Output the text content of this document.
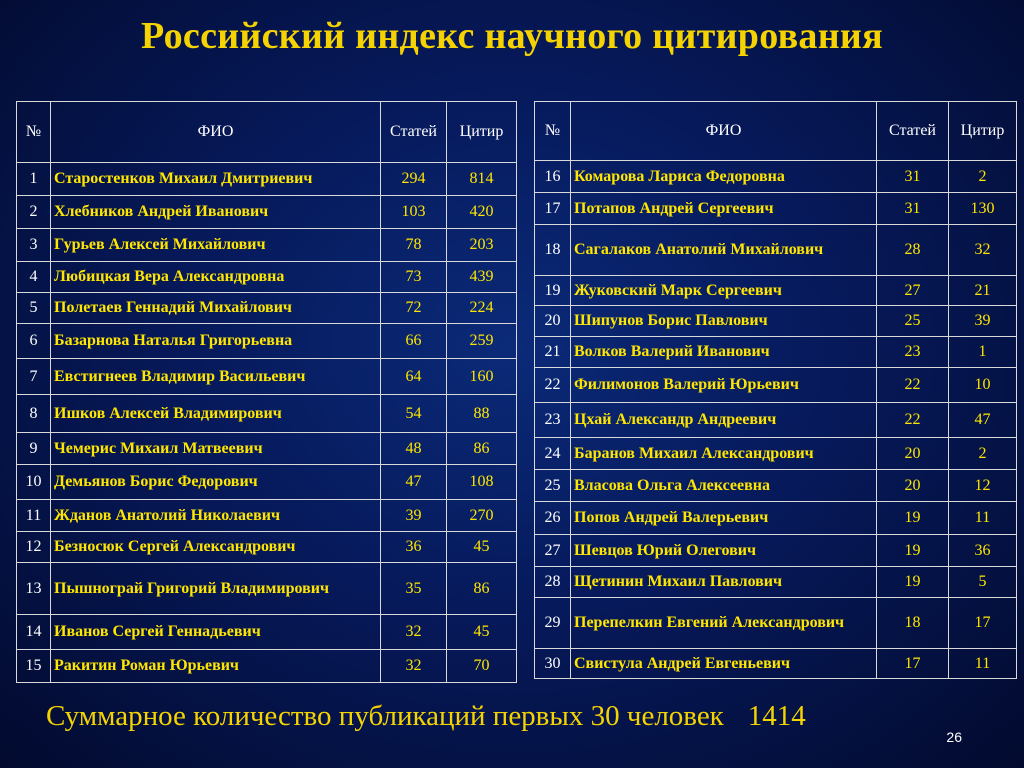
Российский индекс научного цитирования
№	ФИО	Статей	Цитир
1	Старостенков Михаил Дмитриевич	294	814
2	Хлебников Андрей Иванович	103	420
3	Гурьев Алексей Михайлович	78	203
4	Любицкая Вера Александровна	73	439
5	Полетаев Геннадий Михайлович	72	224
6	Базарнова Наталья Григорьевна	66	259
7	Евстигнеев Владимир Васильевич	64	160
8	Ишков Алексей Владимирович	54	88
9	Чемерис Михаил Матвеевич	48	86
10	Демьянов Борис Федорович	47	108
11	Жданов Анатолий Николаевич	39	270
12	Безносюк Сергей Александрович	36	45
13	Пышнограй Григорий Владимирович	35	86
14	Иванов Сергей Геннадьевич	32	45
15	Ракитин Роман Юрьевич	32	70
№	ФИО	Статей	Цитир
16	Комарова Лариса Федоровна	31	2
17	Потапов Андрей Сергеевич	31	130
18	Сагалаков Анатолий Михайлович	28	32
19	Жуковский Марк Сергеевич	27	21
20	Шипунов Борис Павлович	25	39
21	Волков Валерий Иванович	23	1
22	Филимонов Валерий Юрьевич	22	10
23	Цхай Александр Андреевич	22	47
24	Баранов Михаил Александрович	20	2
25	Власова Ольга Алексеевна	20	12
26	Попов Андрей Валерьевич	19	11
27	Шевцов Юрий Олегович	19	36
28	Щетинин Михаил Павлович	19	5
29	Перепелкин Евгений Александрович	18	17
30	Свистула Андрей Евгеньевич	17	11
Суммарное количество публикаций первых 30 человек 1414
26
